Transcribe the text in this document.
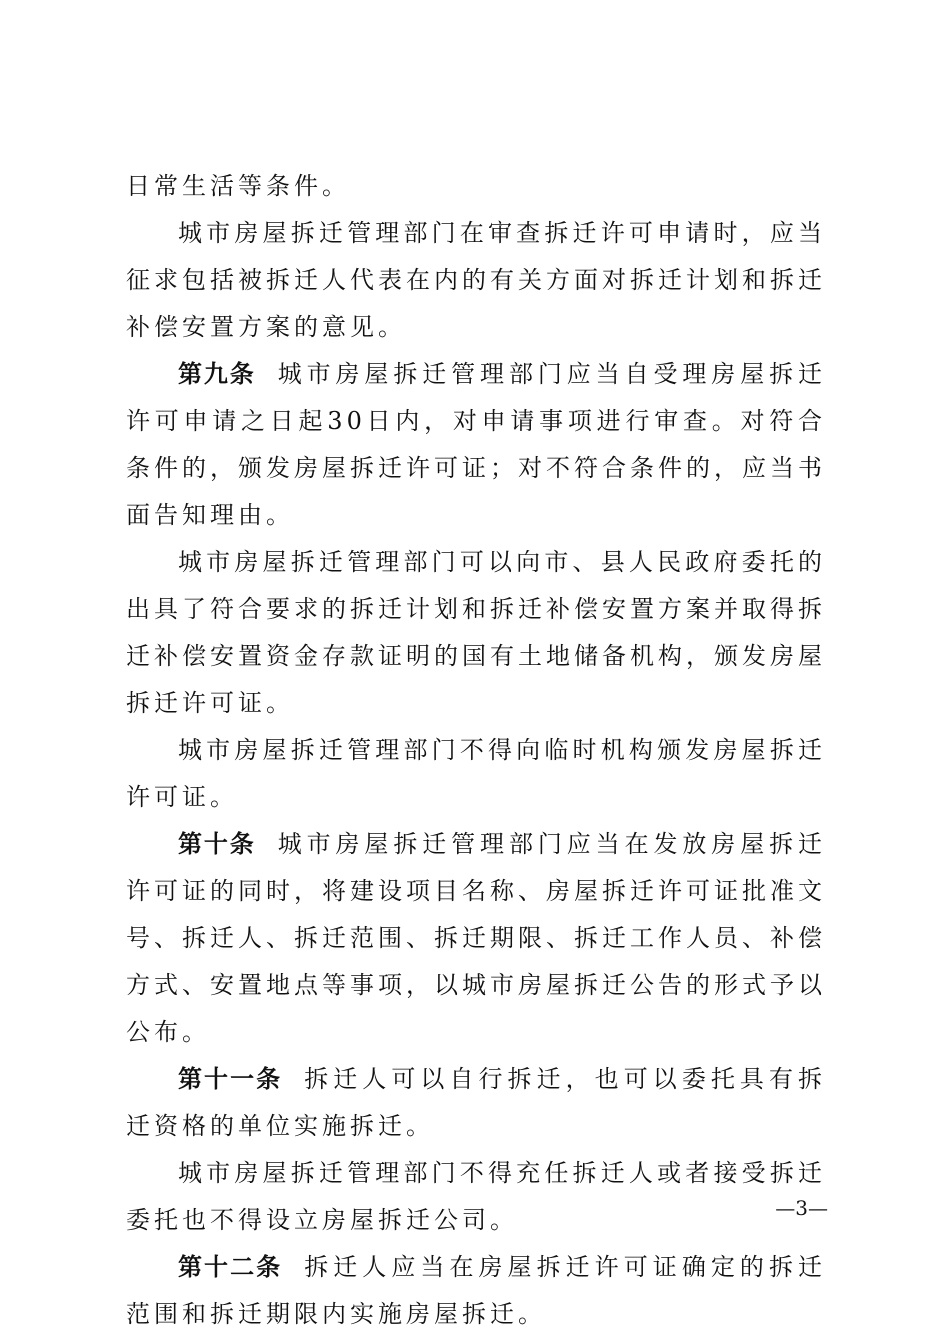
日常生活等条件。

城市房屋拆迁管理部门在审查拆迁许可申请时，应当征求包括被拆迁人代表在内的有关方面对拆迁计划和拆迁补偿安置方案的意见。

第九条 城市房屋拆迁管理部门应当自受理房屋拆迁许可申请之日起30日内，对申请事项进行审查。对符合条件的，颁发房屋拆迁许可证；对不符合条件的，应当书面告知理由。

城市房屋拆迁管理部门可以向市、县人民政府委托的出具了符合要求的拆迁计划和拆迁补偿安置方案并取得拆迁补偿安置资金存款证明的国有土地储备机构，颁发房屋拆迁许可证。

城市房屋拆迁管理部门不得向临时机构颁发房屋拆迁许可证。

第十条 城市房屋拆迁管理部门应当在发放房屋拆迁许可证的同时，将建设项目名称、房屋拆迁许可证批准文号、拆迁人、拆迁范围、拆迁期限、拆迁工作人员、补偿方式、安置地点等事项，以城市房屋拆迁公告的形式予以公布。

第十一条 拆迁人可以自行拆迁，也可以委托具有拆迁资格的单位实施拆迁。

城市房屋拆迁管理部门不得充任拆迁人或者接受拆迁委托也不得设立房屋拆迁公司。

第十二条 拆迁人应当在房屋拆迁许可证确定的拆迁范围和拆迁期限内实施房屋拆迁。

—3—
